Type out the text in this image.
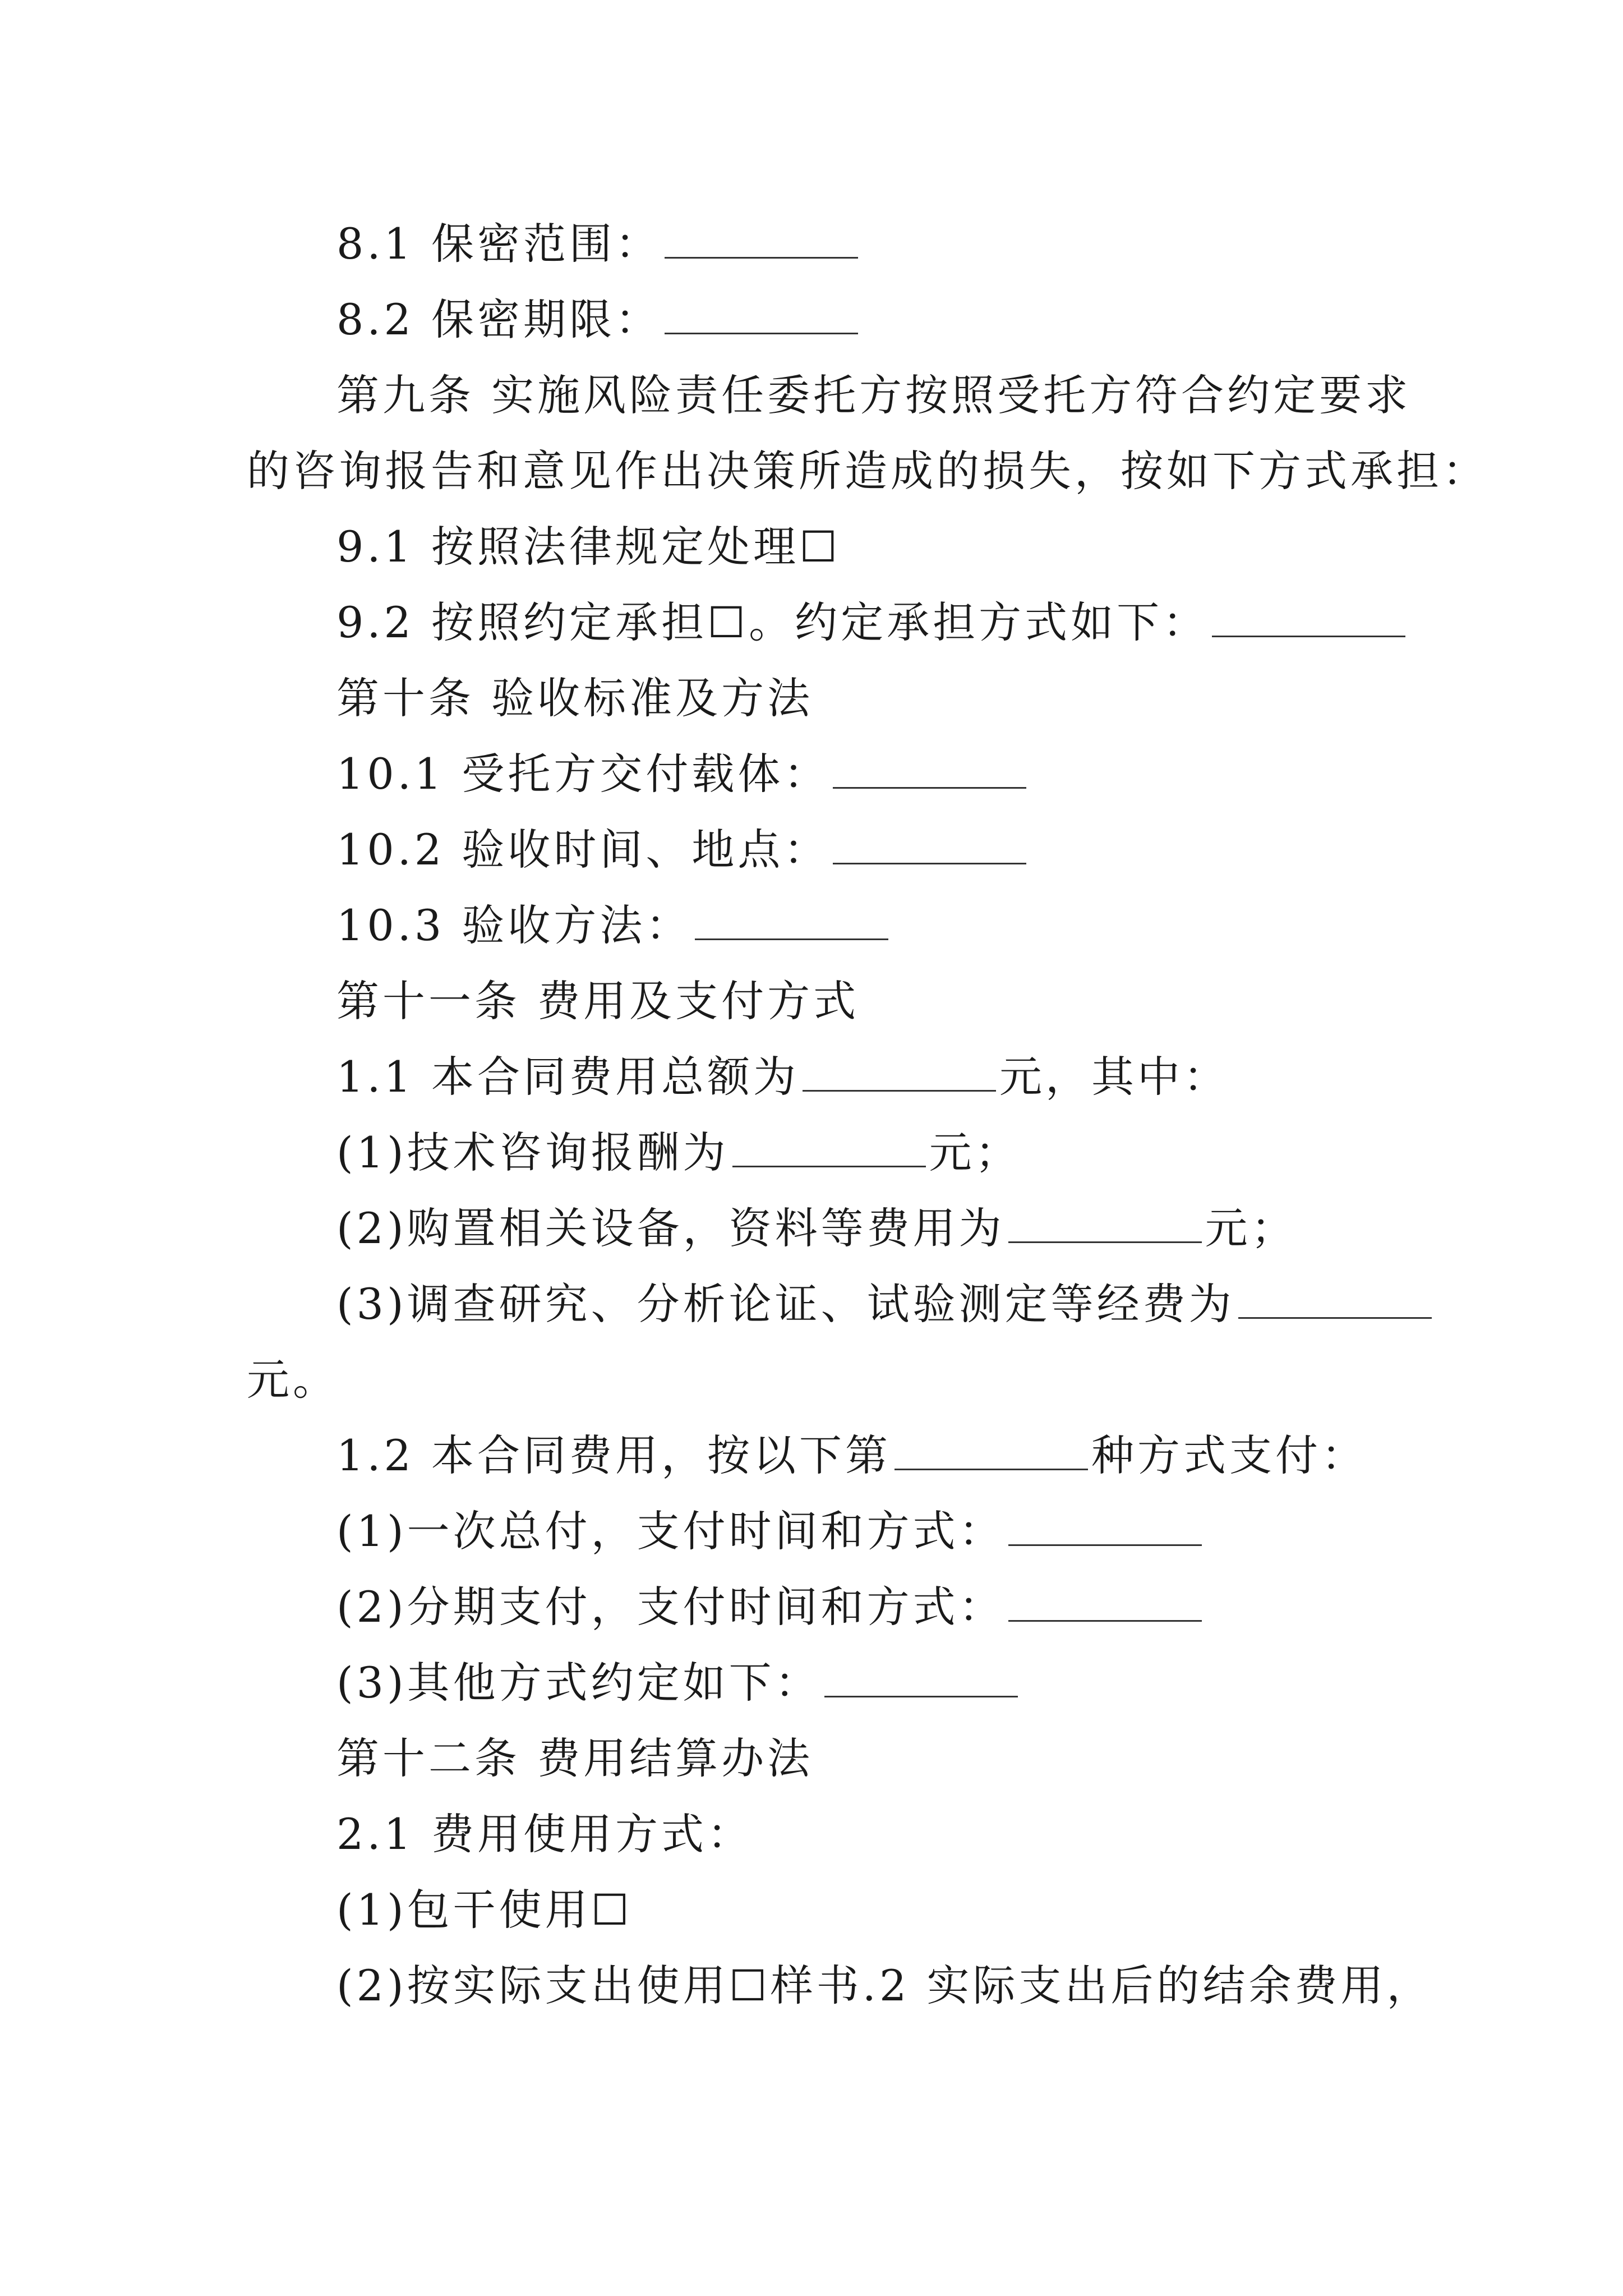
8.1 保密范围：
8.2 保密期限：
第九条 实施风险责任委托方按照受托方符合约定要求
的咨询报告和意见作出决策所造成的损失，按如下方式承担：
9.1 按照法律规定处理☐
9.2 按照约定承担☐。约定承担方式如下：
第十条 验收标准及方法
10.1 受托方交付载体：
10.2 验收时间、地点：
10.3 验收方法：
第十一条 费用及支付方式
1.1 本合同费用总额为	元，其中：
(1)技术咨询报酬为	元；
(2)购置相关设备，资料等费用为	元；
(3)调查研究、分析论证、试验测定等经费为
元。
1.2 本合同费用，按以下第	种方式支付：
(1)一次总付，支付时间和方式：
(2)分期支付，支付时间和方式：
(3)其他方式约定如下：
第十二条 费用结算办法
2.1 费用使用方式：
(1)包干使用☐
(2)按实际支出使用☐样书.2 实际支出后的结余费用，
